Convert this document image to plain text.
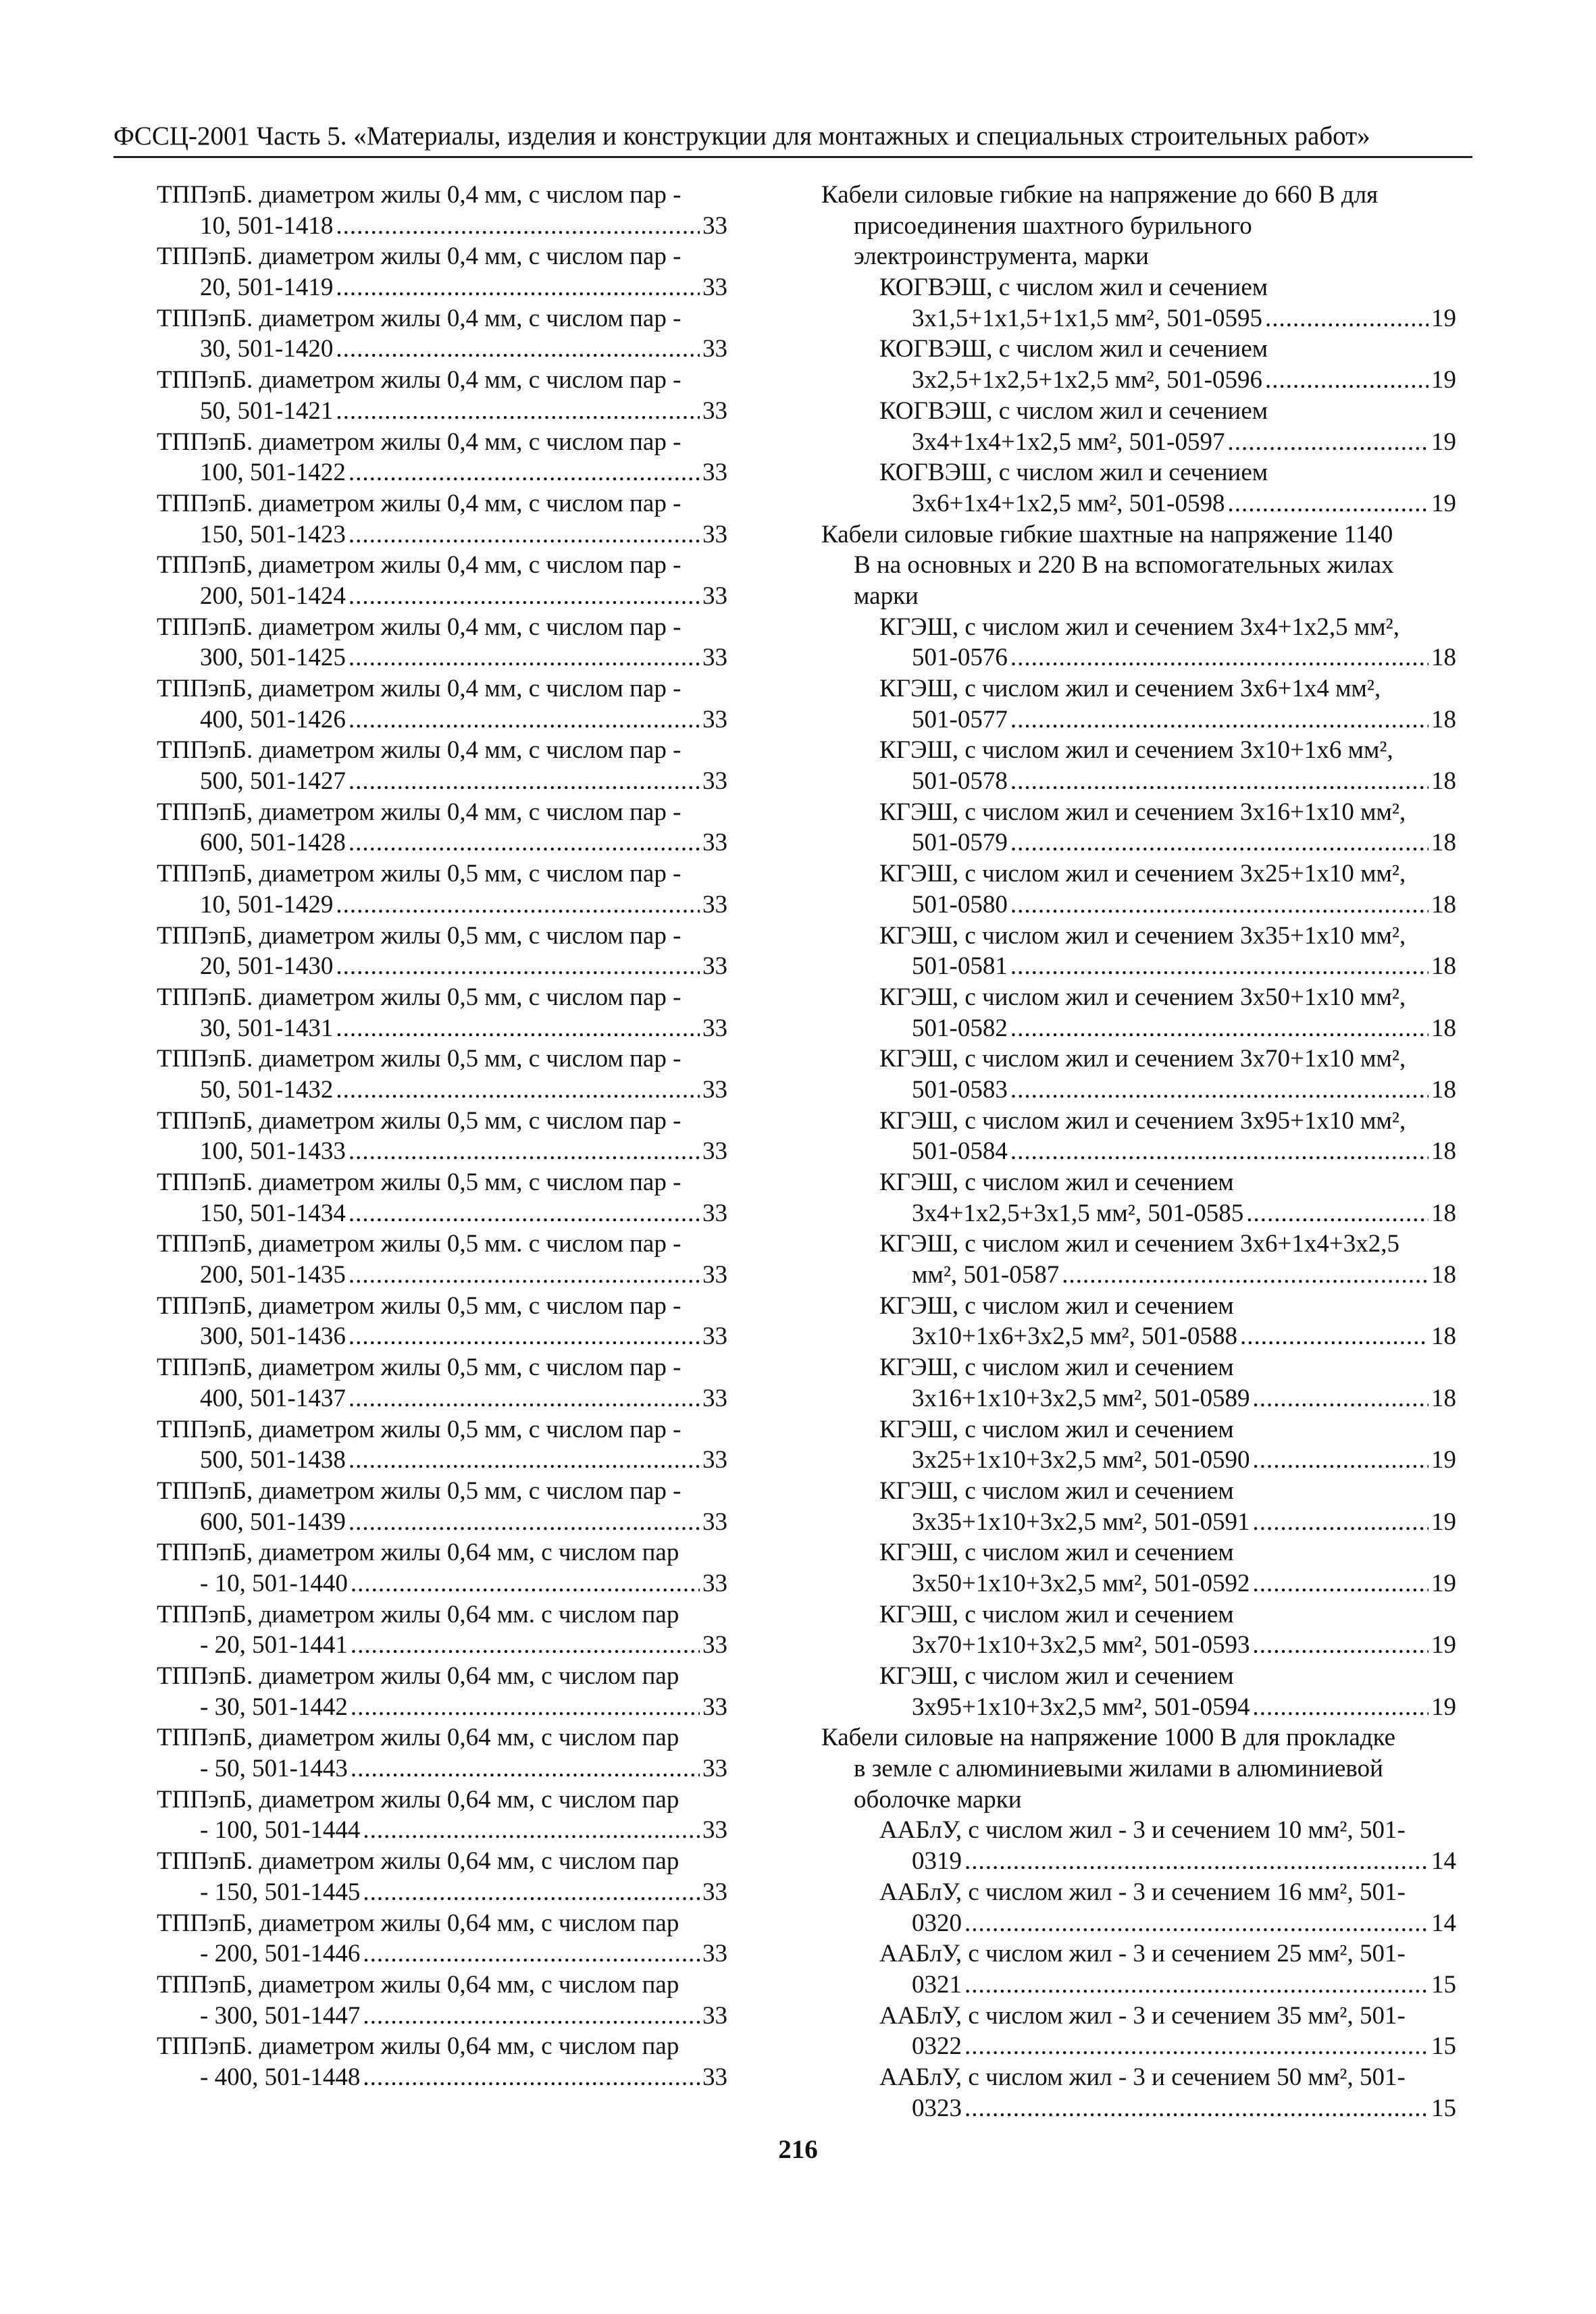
ФССЦ-2001 Часть 5. «Материалы, изделия и конструкции для монтажных и специальных строительных работ»
ТППэпБ. диаметром жилы 0,4 мм, с числом пар -
10, 501-1418 .....	33
ТППэпБ. диаметром жилы 0,4 мм, с числом пар -
20, 501-1419 .....	33
ТППэпБ. диаметром жилы 0,4 мм, с числом пар -
30, 501-1420 .....	33
ТППэпБ. диаметром жилы 0,4 мм, с числом пар -
50, 501-1421 .....	33
ТППэпБ. диаметром жилы 0,4 мм, с числом пар -
100, 501-1422 .....	33
ТППэпБ. диаметром жилы 0,4 мм, с числом пар -
150, 501-1423 .....	33
ТППэпБ, диаметром жилы 0,4 мм, с числом пар -
200, 501-1424 .....	33
ТППэпБ. диаметром жилы 0,4 мм, с числом пар -
300, 501-1425 .....	33
ТППэпБ, диаметром жилы 0,4 мм, с числом пар -
400, 501-1426 .....	33
ТППэпБ. диаметром жилы 0,4 мм, с числом пар -
500, 501-1427 .....	33
ТППэпБ, диаметром жилы 0,4 мм, с числом пар -
600, 501-1428 .....	33
ТППэпБ, диаметром жилы 0,5 мм, с числом пар -
10, 501-1429 .....	33
ТППэпБ, диаметром жилы 0,5 мм, с числом пар -
20, 501-1430 .....	33
ТППэпБ. диаметром жилы 0,5 мм, с числом пар -
30, 501-1431 .....	33
ТППэпБ. диаметром жилы 0,5 мм, с числом пар -
50, 501-1432 .....	33
ТППэпБ, диаметром жилы 0,5 мм, с числом пар -
100, 501-1433 .....	33
ТППэпБ. диаметром жилы 0,5 мм, с числом пар -
150, 501-1434 .....	33
ТППэпБ, диаметром жилы 0,5 мм. с числом пар -
200, 501-1435 .....	33
ТППэпБ, диаметром жилы 0,5 мм, с числом пар -
300, 501-1436 .....	33
ТППэпБ, диаметром жилы 0,5 мм, с числом пар -
400, 501-1437 .....	33
ТППэпБ, диаметром жилы 0,5 мм, с числом пар -
500, 501-1438 .....	33
ТППэпБ, диаметром жилы 0,5 мм, с числом пар -
600, 501-1439 .....	33
ТППэпБ, диаметром жилы 0,64 мм, с числом пар
- 10, 501-1440 .....	33
ТППэпБ, диаметром жилы 0,64 мм. с числом пар
- 20, 501-1441 .....	33
ТППэпБ. диаметром жилы 0,64 мм, с числом пар
- 30, 501-1442 .....	33
ТППэпБ, диаметром жилы 0,64 мм, с числом пар
- 50, 501-1443 .....	33
ТППэпБ, диаметром жилы 0,64 мм, с числом пар
- 100, 501-1444 .....	33
ТППэпБ. диаметром жилы 0,64 мм, с числом пар
- 150, 501-1445 .....	33
ТППэпБ, диаметром жилы 0,64 мм, с числом пар
- 200, 501-1446 .....	33
ТППэпБ, диаметром жилы 0,64 мм, с числом пар
- 300, 501-1447 .....	33
ТППэпБ. диаметром жилы 0,64 мм, с числом пар
- 400, 501-1448 .....	33
Кабели силовые гибкие на напряжение до 660 В для
присоединения шахтного бурильного
электроинструмента, марки
КОГВЭШ, с числом жил и сечением
3x1,5+1x1,5+1x1,5 мм², 501-0595 .....	19
КОГВЭШ, с числом жил и сечением
3x2,5+1x2,5+1x2,5 мм², 501-0596 .....	19
КОГВЭШ, с числом жил и сечением
3x4+1x4+1x2,5 мм², 501-0597 .....	19
КОГВЭШ, с числом жил и сечением
3x6+1x4+1x2,5 мм², 501-0598 .....	19
Кабели силовые гибкие шахтные на напряжение 1140
В на основных и 220 В на вспомогательных жилах
марки
КГЭШ, с числом жил и сечением 3x4+1x2,5 мм²,
501-0576 .....	18
КГЭШ, с числом жил и сечением 3x6+1x4 мм²,
501-0577 .....	18
КГЭШ, с числом жил и сечением 3x10+1x6 мм²,
501-0578 .....	18
КГЭШ, с числом жил и сечением 3x16+1x10 мм²,
501-0579 .....	18
КГЭШ, с числом жил и сечением 3x25+1x10 мм²,
501-0580 .....	18
КГЭШ, с числом жил и сечением 3x35+1x10 мм²,
501-0581 .....	18
КГЭШ, с числом жил и сечением 3x50+1x10 мм²,
501-0582 .....	18
КГЭШ, с числом жил и сечением 3x70+1x10 мм²,
501-0583 .....	18
КГЭШ, с числом жил и сечением 3x95+1x10 мм²,
501-0584 .....	18
КГЭШ, с числом жил и сечением
3x4+1x2,5+3x1,5 мм², 501-0585 .....	18
КГЭШ, с числом жил и сечением 3x6+1x4+3x2,5
мм², 501-0587 .....	18
КГЭШ, с числом жил и сечением
3x10+1x6+3x2,5 мм², 501-0588 .....	18
КГЭШ, с числом жил и сечением
3x16+1x10+3x2,5 мм², 501-0589 .....	18
КГЭШ, с числом жил и сечением
3x25+1x10+3x2,5 мм², 501-0590 .....	19
КГЭШ, с числом жил и сечением
3x35+1x10+3x2,5 мм², 501-0591 .....	19
КГЭШ, с числом жил и сечением
3x50+1x10+3x2,5 мм², 501-0592 .....	19
КГЭШ, с числом жил и сечением
3x70+1x10+3x2,5 мм², 501-0593 .....	19
КГЭШ, с числом жил и сечением
3x95+1x10+3x2,5 мм², 501-0594 .....	19
Кабели силовые на напряжение 1000 В для прокладке
в земле с алюминиевыми жилами в алюминиевой
оболочке марки
ААБлУ, с числом жил - 3 и сечением 10 мм², 501-
0319 .....	14
ААБлУ, с числом жил - 3 и сечением 16 мм², 501-
0320 .....	14
ААБлУ, с числом жил - 3 и сечением 25 мм², 501-
0321 .....	15
ААБлУ, с числом жил - 3 и сечением 35 мм², 501-
0322 .....	15
ААБлУ, с числом жил - 3 и сечением 50 мм², 501-
0323 .....	15
216
